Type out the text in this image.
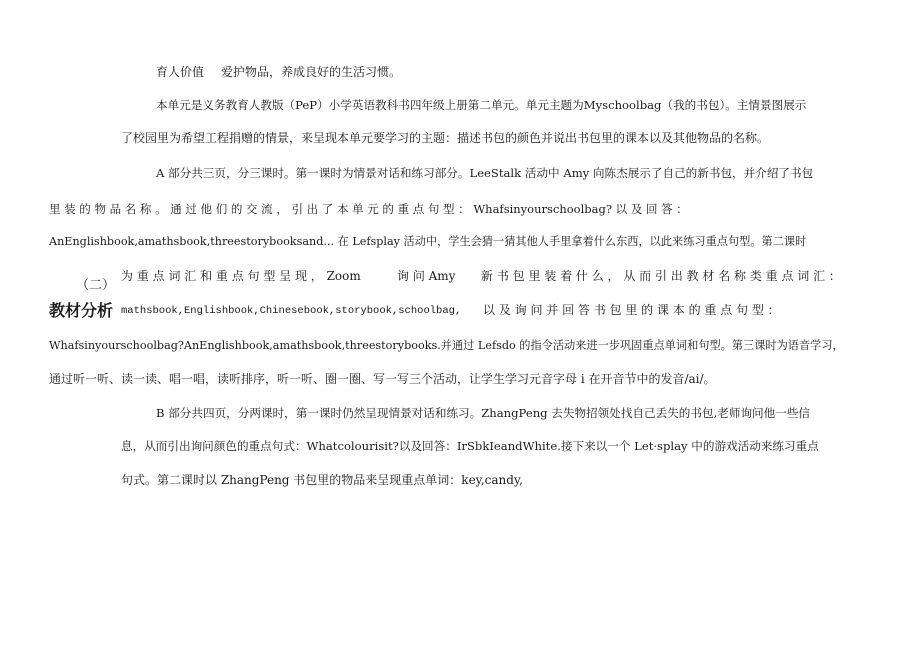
育人价值 爱护物品，养成良好的生活习惯。
本单元是义务教育人教版（PeP）小学英语教科书四年级上册第二单元。单元主题为Myschoolbag（我的书包）。主情景图展示
了校园里为希望工程捐赠的情景，来呈现本单元要学习的主题：描述书包的颜色并说出书包里的课本以及其他物品的名称。
A 部分共三页，分三课时。第一课时为情景对话和练习部分。LeeStalk 活动中 Amy 向陈杰展示了自己的新书包，并介绍了书包
里 装 的 物 品 名 称 。 通 过 他 们 的 交 流 ， 引 出 了 本 单 元 的 重 点 句 型 ： Whafsinyourschoolbag? 以 及 回 答 ：
AnEnglishbook,amathsbook,threestorybooksand... 在 Lefsplay 活动中，学生会猜一猜其他人手里拿着什么东西，以此来练习重点句型。第二课时
（二）
教材分析
为 重 点 词 汇 和 重 点 句 型 呈 现 ， Zoom	询 问 Amy 新 书 包 里 装 着 什 么 ， 从 而 引 出 教 材 名 称 类 重 点 词 汇 ：
mathsbook,Englishbook,Chinesebook,storybook,schoolbag, 以 及 询 问 并 回 答 书 包 里 的 课 本 的 重 点 句 型 ：
Whafsinyourschoolbag?AnEnglishbook,amathsbook,threestorybooks.并通过 Lefsdo 的指令活动来进一步巩固重点单词和句型。第三课时为语音学习，
通过听一听、读一读、唱一唱，读听排序，听一听、圈一圈、写一写三个活动，让学生学习元音字母 i 在开音节中的发音/ai/。
B 部分共四页，分两课时，第一课时仍然呈现情景对话和练习。ZhangPeng 去失物招领处找自己丢失的书包,老师询问他一些信
息，从而引出询问颜色的重点句式：Whatcolourisit?以及回答：IrSbkIeandWhite.接下来以一个 Let·splay 中的游戏活动来练习重点
句式。第二课时以 ZhangPeng 书包里的物品来呈现重点单词：key,candy,
